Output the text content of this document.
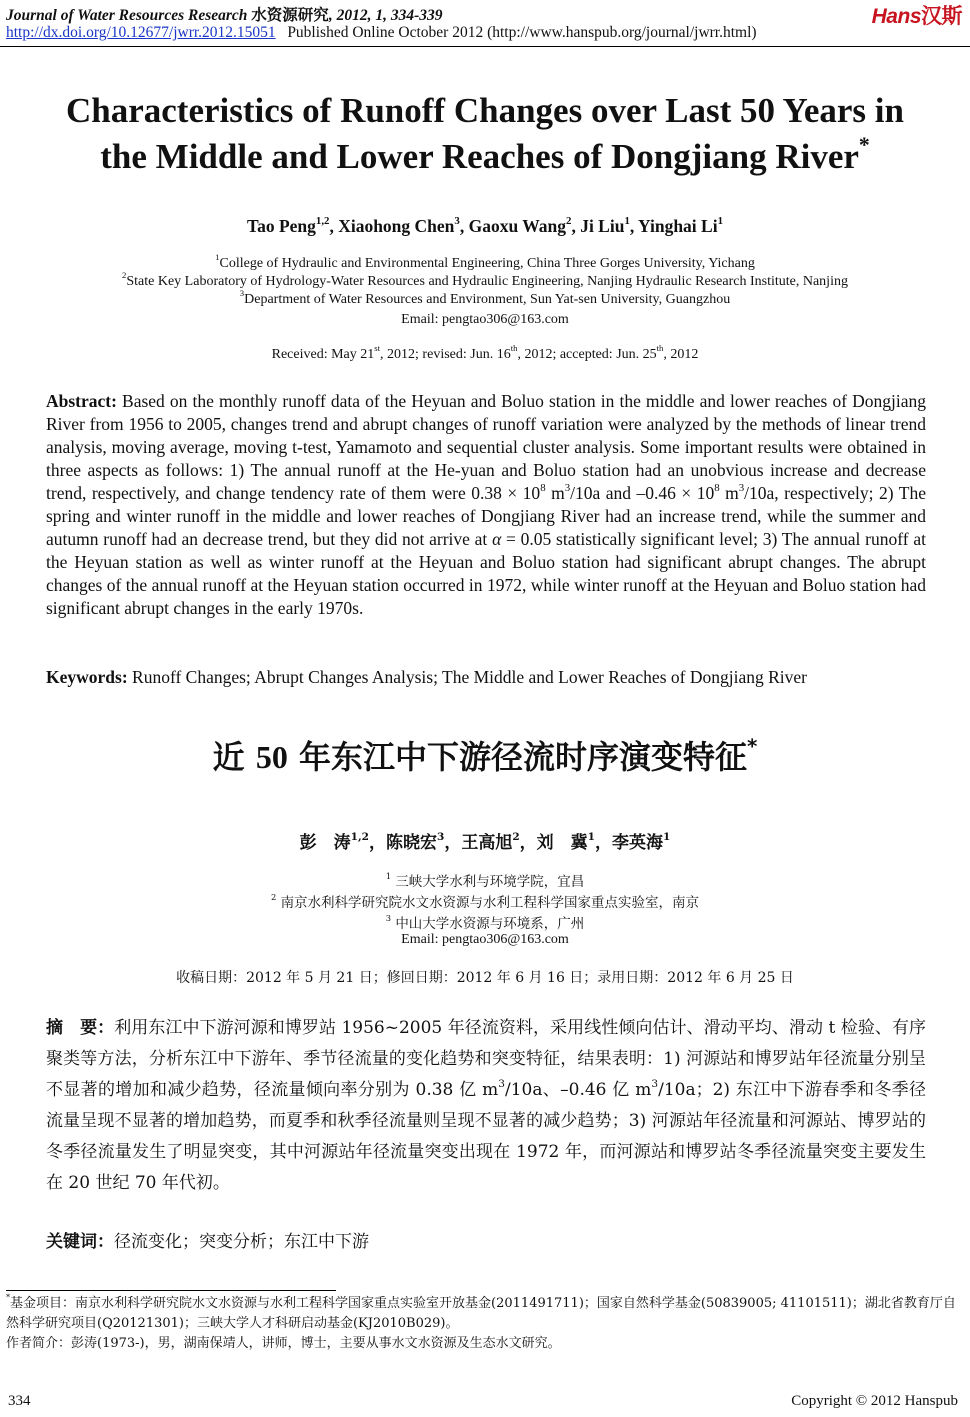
Journal of Water Resources Research 水资源研究, 2012, 1, 334-339	Hans汉斯
http://dx.doi.org/10.12677/jwrr.2012.15051 Published Online October 2012 (http://www.hanspub.org/journal/jwrr.html)
Characteristics of Runoff Changes over Last 50 Years in
the Middle and Lower Reaches of Dongjiang River*
Tao Peng$^{1,2}$, Xiaohong Chen$^3$, Gaoxu Wang$^2$, Ji Liu$^1$, Yinghai Li$^1$
$^1$College of Hydraulic and Environmental Engineering, China Three Gorges University, Yichang
$^2$State Key Laboratory of Hydrology-Water Resources and Hydraulic Engineering, Nanjing Hydraulic Research Institute, Nanjing
$^3$Department of Water Resources and Environment, Sun Yat-sen University, Guangzhou
Email: pengtao306@163.com
Received: May 21st, 2012; revised: Jun. 16th, 2012; accepted: Jun. 25th, 2012
Abstract: Based on the monthly runoff data of the Heyuan and Boluo station in the middle and lower reaches of Dongjiang River from 1956 to 2005, changes trend and abrupt changes of runoff variation were analyzed by the methods of linear trend analysis, moving average, moving t-test, Yamamoto and sequential cluster analysis. Some important results were obtained in three aspects as follows: 1) The annual runoff at the He-yuan and Boluo station had an unobvious increase and decrease trend, respectively, and change tendency rate of them were $0.38 \times 10^8$ $m^3/10a$ and $-0.46 \times 10^8$ $m^3/10a$, respectively; 2) The spring and winter runoff in the middle and lower reaches of Dongjiang River had an increase trend, while the summer and autumn runoff had an decrease trend, but they did not arrive at α = 0.05 statistically significant level; 3) The annual runoff at the Heyuan station as well as winter runoff at the Heyuan and Boluo station had significant abrupt changes. The abrupt changes of the annual runoff at the Heyuan station occurred in 1972, while winter runoff at the Heyuan and Boluo station had significant abrupt changes in the early 1970s.
Keywords: Runoff Changes; Abrupt Changes Analysis; The Middle and Lower Reaches of Dongjiang River
近 50 年东江中下游径流时序演变特征*
彭　涛$^{1,2}$，陈晓宏$^3$，王高旭$^2$，刘　冀$^1$，李英海$^1$
$^1$ 三峡大学水利与环境学院，宜昌
$^2$ 南京水利科学研究院水文水资源与水利工程科学国家重点实验室，南京
$^3$ 中山大学水资源与环境系，广州
Email: pengtao306@163.com
收稿日期：2012 年 5 月 21 日；修回日期：2012 年 6 月 16 日；录用日期：2012 年 6 月 25 日
摘　要：利用东江中下游河源和博罗站 1956~2005 年径流资料，采用线性倾向估计、滑动平均、滑动 t 检验、有序聚类等方法，分析东江中下游年、季节径流量的变化趋势和突变特征，结果表明：1) 河源站和博罗站年径流量分别呈不显著的增加和减少趋势，径流量倾向率分别为 0.38 亿 $m^3/10a$、–0.46 亿 $m^3/10a$；2) 东江中下游春季和冬季径流量呈现不显著的增加趋势，而夏季和秋季径流量则呈现不显著的减少趋势；3) 河源站年径流量和河源站、博罗站的冬季径流量发生了明显突变，其中河源站年径流量突变出现在 1972 年，而河源站和博罗站冬季径流量突变主要发生在 20 世纪 70 年代初。
关键词：径流变化；突变分析；东江中下游
*基金项目：南京水利科学研究院水文水资源与水利工程科学国家重点实验室开放基金(2011491711)；国家自然科学基金(50839005; 41101511)；湖北省教育厅自然科学研究项目(Q20121301)；三峡大学人才科研启动基金(KJ2010B029)。
作者简介：彭涛(1973-)，男，湖南保靖人，讲师，博士，主要从事水文水资源及生态水文研究。
334	Copyright © 2012 Hanspub
